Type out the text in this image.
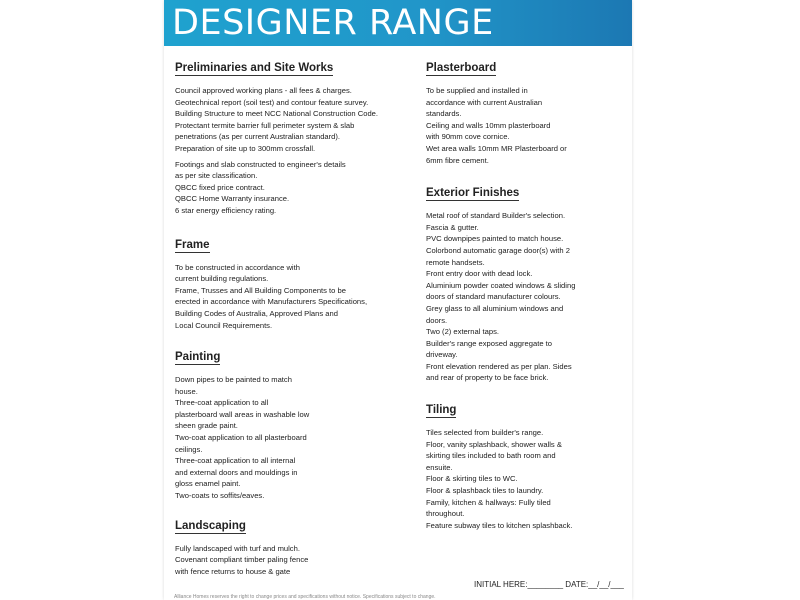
DESIGNER RANGE
Preliminaries and Site Works
Council approved working plans - all fees & charges.
Geotechnical report (soil test) and contour feature survey.
Building Structure to meet NCC National Construction Code.
Protectant termite barrier full perimeter system & slab
penetrations (as per current Australian standard).
Preparation of site up to 300mm crossfall.
Footings and slab constructed to engineer's details
as per site classification.
QBCC fixed price contract.
QBCC Home Warranty insurance.
6 star energy efficiency rating.
Frame
To be constructed in accordance with
current building regulations.
Frame, Trusses and All Building Components to be
erected in accordance with Manufacturers Specifications,
Building Codes of Australia, Approved Plans and
Local Council Requirements.
Painting
Down pipes to be painted to match
house.
Three-coat application to all
plasterboard wall areas in washable low
sheen grade paint.
Two-coat application to all plasterboard
ceilings.
Three-coat application to all internal
and external doors and mouldings in
gloss enamel paint.
Two-coats to soffits/eaves.
Landscaping
Fully landscaped with turf and mulch.
Covenant compliant timber paling fence
with fence returns to house & gate
Plasterboard
To be supplied and installed in
accordance with current Australian
standards.
Ceiling and walls 10mm plasterboard
with 90mm cove cornice.
Wet area walls 10mm MR Plasterboard or
6mm fibre cement.
Exterior Finishes
Metal roof of standard Builder's selection.
Fascia & gutter.
PVC downpipes painted to match house.
Colorbond automatic garage door(s) with 2
remote handsets.
Front entry door with dead lock.
Aluminium powder coated windows & sliding
doors of standard manufacturer colours.
Grey glass to all aluminium windows and
doors.
Two (2) external taps.
Builder's range exposed aggregate to
driveway.
Front elevation rendered as per plan. Sides
and rear of property to be face brick.
Tiling
Tiles selected from builder's range.
Floor, vanity splashback, shower walls &
skirting tiles included to bath room and
ensuite.
Floor & skirting tiles to WC.
Floor & splashback tiles to laundry.
Family, kitchen & hallways: Fully tiled
throughout.
Feature subway tiles to kitchen splashback.
INITIAL HERE:________ DATE:__/__/___
Alliance Homes reserves the right to change prices and specifications without notice. Specifications subject to change.
